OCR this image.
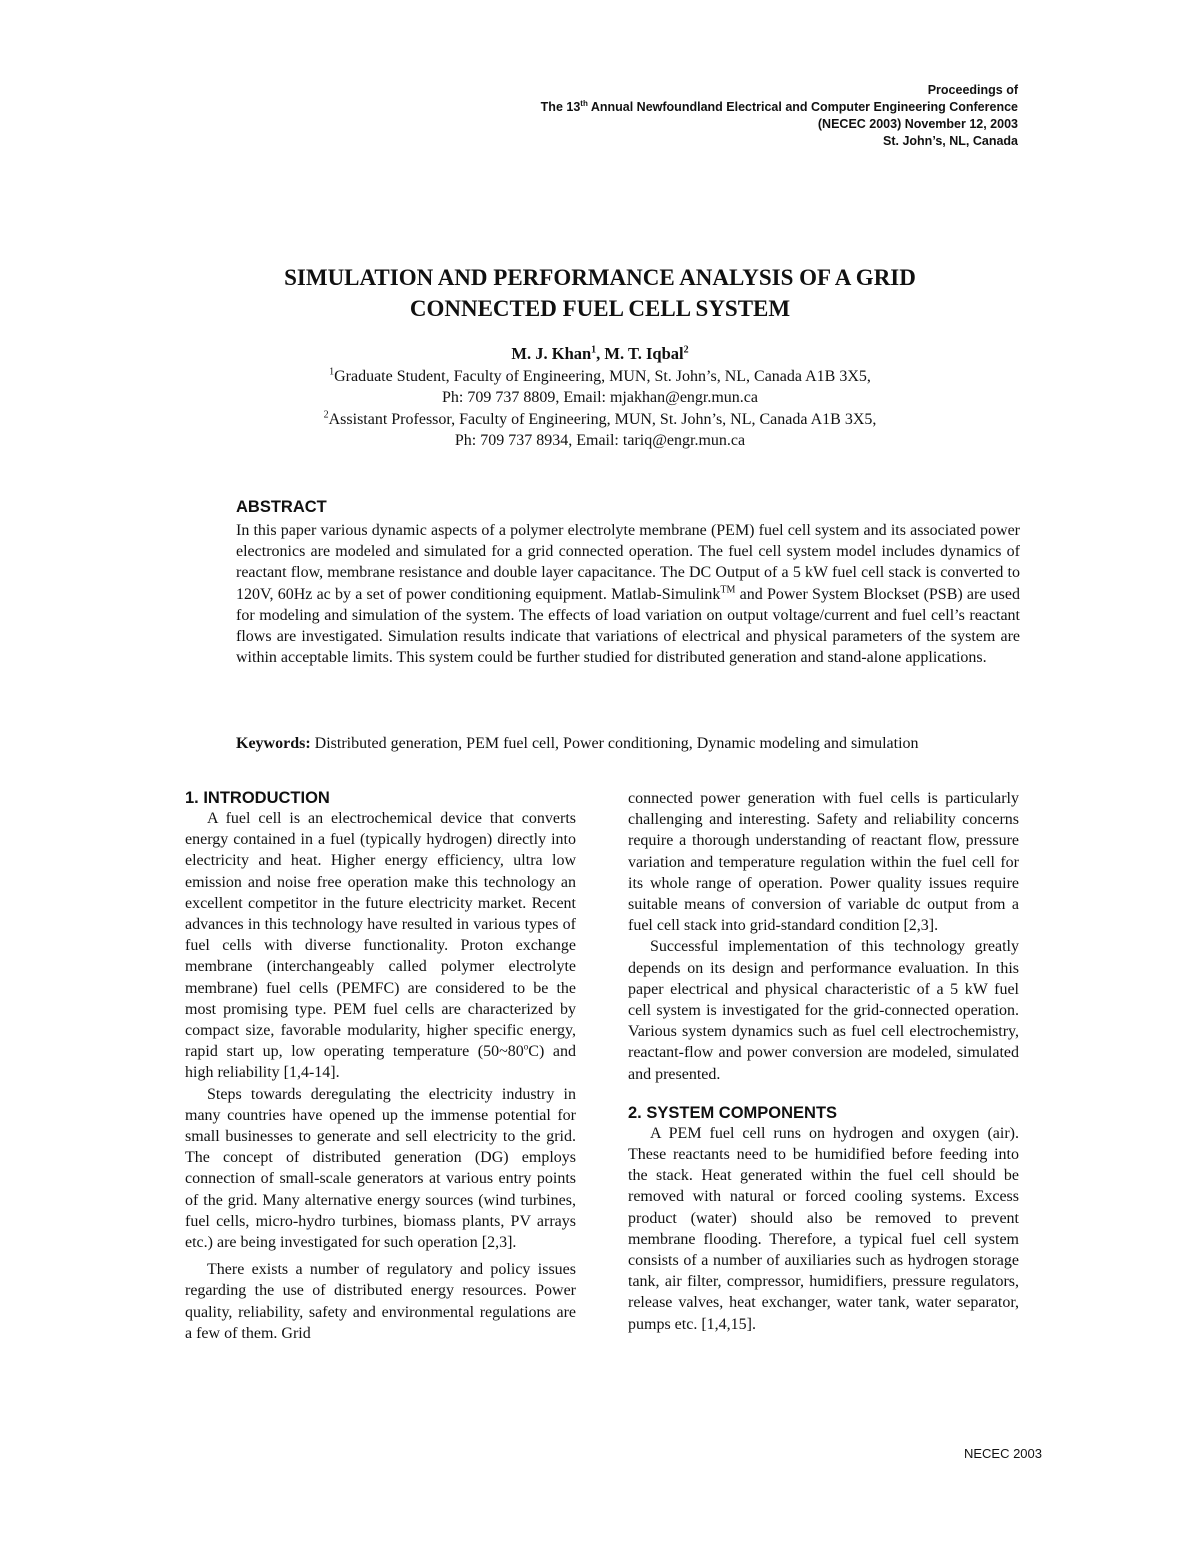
Proceedings of
The 13th Annual Newfoundland Electrical and Computer Engineering Conference
(NECEC 2003) November 12, 2003
St. John’s, NL, Canada
SIMULATION AND PERFORMANCE ANALYSIS OF A GRID
CONNECTED FUEL CELL SYSTEM
M. J. Khan$^1$, M. T. Iqbal$^2$
$^1$Graduate Student, Faculty of Engineering, MUN, St. John’s, NL, Canada A1B 3X5,
Ph: 709 737 8809, Email: mjakhan@engr.mun.ca
$^2$Assistant Professor, Faculty of Engineering, MUN, St. John’s, NL, Canada A1B 3X5,
Ph: 709 737 8934, Email: tariq@engr.mun.ca
ABSTRACT
In this paper various dynamic aspects of a polymer electrolyte membrane (PEM) fuel cell system and its associated power electronics are modeled and simulated for a grid connected operation. The fuel cell system model includes dynamics of reactant flow, membrane resistance and double layer capacitance. The DC Output of a 5 kW fuel cell stack is converted to 120V, 60Hz ac by a set of power conditioning equipment. Matlab-Simulink™ and Power System Blockset (PSB) are used for modeling and simulation of the system. The effects of load variation on output voltage/current and fuel cell’s reactant flows are investigated. Simulation results indicate that variations of electrical and physical parameters of the system are within acceptable limits. This system could be further studied for distributed generation and stand-alone applications.
Keywords: Distributed generation, PEM fuel cell, Power conditioning, Dynamic modeling and simulation
1. INTRODUCTION

A fuel cell is an electrochemical device that converts energy contained in a fuel (typically hydrogen) directly into electricity and heat. Higher energy efficiency, ultra low emission and noise free operation make this technology an excellent competitor in the future electricity market. Recent advances in this technology have resulted in various types of fuel cells with diverse functionality. Proton exchange membrane (interchangeably called polymer electrolyte membrane) fuel cells (PEMFC) are considered to be the most promising type. PEM fuel cells are characterized by compact size, favorable modularity, higher specific energy, rapid start up, low operating temperature (50~80$^o$C) and high reliability [1,4-14].

Steps towards deregulating the electricity industry in many countries have opened up the immense potential for small businesses to generate and sell electricity to the grid. The concept of distributed generation (DG) employs connection of small-scale generators at various entry points of the grid. Many alternative energy sources (wind turbines, fuel cells, micro-hydro turbines, biomass plants, PV arrays etc.) are being investigated for such operation [2,3].

There exists a number of regulatory and policy issues regarding the use of distributed energy resources. Power quality, reliability, safety and environmental regulations are a few of them. Grid

connected power generation with fuel cells is particularly challenging and interesting. Safety and reliability concerns require a thorough understanding of reactant flow, pressure variation and temperature regulation within the fuel cell for its whole range of operation. Power quality issues require suitable means of conversion of variable dc output from a fuel cell stack into grid-standard condition [2,3].

Successful implementation of this technology greatly depends on its design and performance evaluation. In this paper electrical and physical characteristic of a 5 kW fuel cell system is investigated for the grid-connected operation. Various system dynamics such as fuel cell electrochemistry, reactant-flow and power conversion are modeled, simulated and presented.

2. SYSTEM COMPONENTS

A PEM fuel cell runs on hydrogen and oxygen (air). These reactants need to be humidified before feeding into the stack. Heat generated within the fuel cell should be removed with natural or forced cooling systems. Excess product (water) should also be removed to prevent membrane flooding. Therefore, a typical fuel cell system consists of a number of auxiliaries such as hydrogen storage tank, air filter, compressor, humidifiers, pressure regulators, release valves, heat exchanger, water tank, water separator, pumps etc. [1,4,15].

NECEC 2003
